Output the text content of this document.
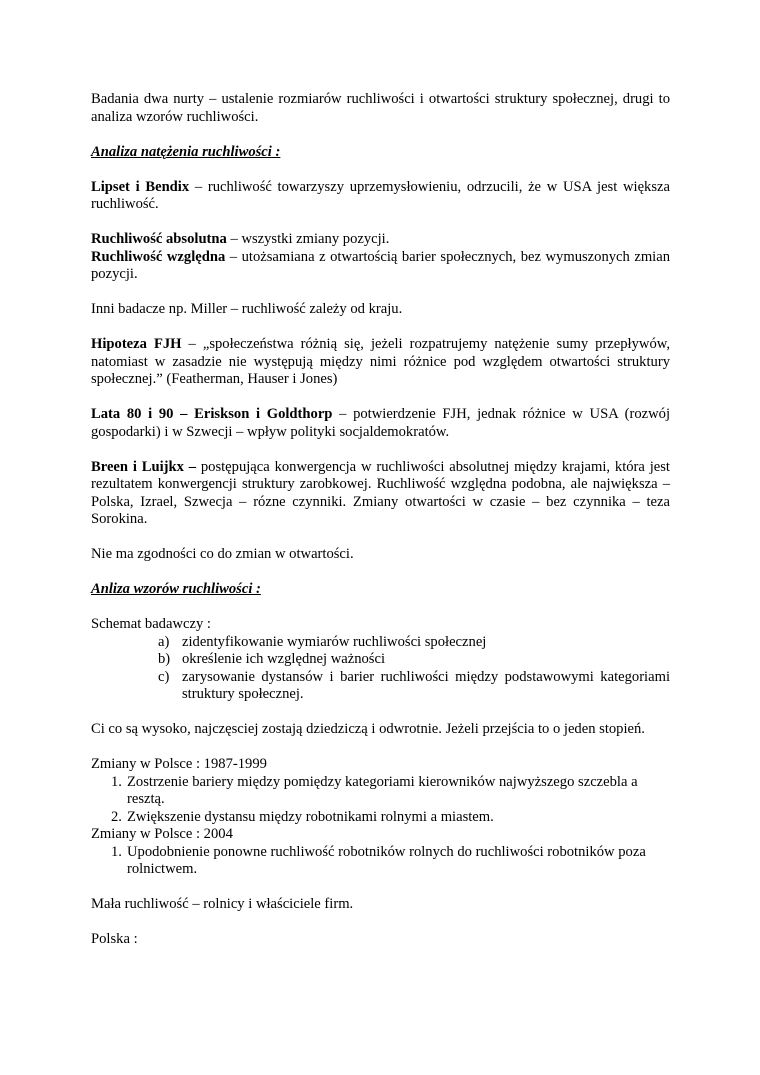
Badania dwa nurty – ustalenie rozmiarów ruchliwości i otwartości struktury społecznej, drugi to analiza wzorów ruchliwości.

Analiza natężenia ruchliwości :

Lipset i Bendix – ruchliwość towarzyszy uprzemysłowieniu, odrzucili, że w USA jest większa ruchliwość.

Ruchliwość absolutna – wszystki zmiany pozycji.

Ruchliwość względna – utożsamiana z otwartością barier społecznych, bez wymuszonych zmian pozycji.

Inni badacze np. Miller – ruchliwość zależy od kraju.

Hipoteza FJH – „społeczeństwa różnią się, jeżeli rozpatrujemy natężenie sumy przepływów, natomiast w zasadzie nie występują między nimi różnice pod względem otwartości struktury społecznej.” (Featherman, Hauser i Jones)

Lata 80 i 90 – Eriskson i Goldthorp – potwierdzenie FJH, jednak różnice w USA (rozwój gospodarki) i w Szwecji – wpływ polityki socjaldemokratów.

Breen i Luijkx – postępująca konwergencja w ruchliwości absolutnej między krajami, która jest rezultatem konwergencji struktury zarobkowej. Ruchliwość względna podobna, ale największa – Polska, Izrael, Szwecja – rózne czynniki. Zmiany otwartości w czasie – bez czynnika – teza Sorokina.

Nie ma zgodności co do zmian w otwartości.

Anliza wzorów ruchliwości :

Schemat badawczy :

a) zidentyfikowanie wymiarów ruchliwości społecznej
b) określenie ich względnej ważności
c) zarysowanie dystansów i barier ruchliwości między podstawowymi kategoriami struktury społecznej.

Ci co są wysoko, najczęsciej zostają dziedziczą i odwrotnie. Jeżeli przejścia to o jeden stopień.

Zmiany w Polsce : 1987-1999

1. Zostrzenie bariery między pomiędzy kategoriami kierowników najwyższego szczebla a resztą.
2. Zwiększenie dystansu między robotnikami rolnymi a miastem.

Zmiany w Polsce : 2004

1. Upodobnienie ponowne ruchliwość robotników rolnych do ruchliwości robotników poza rolnictwem.

Mała ruchliwość – rolnicy i właściciele firm.

Polska :
